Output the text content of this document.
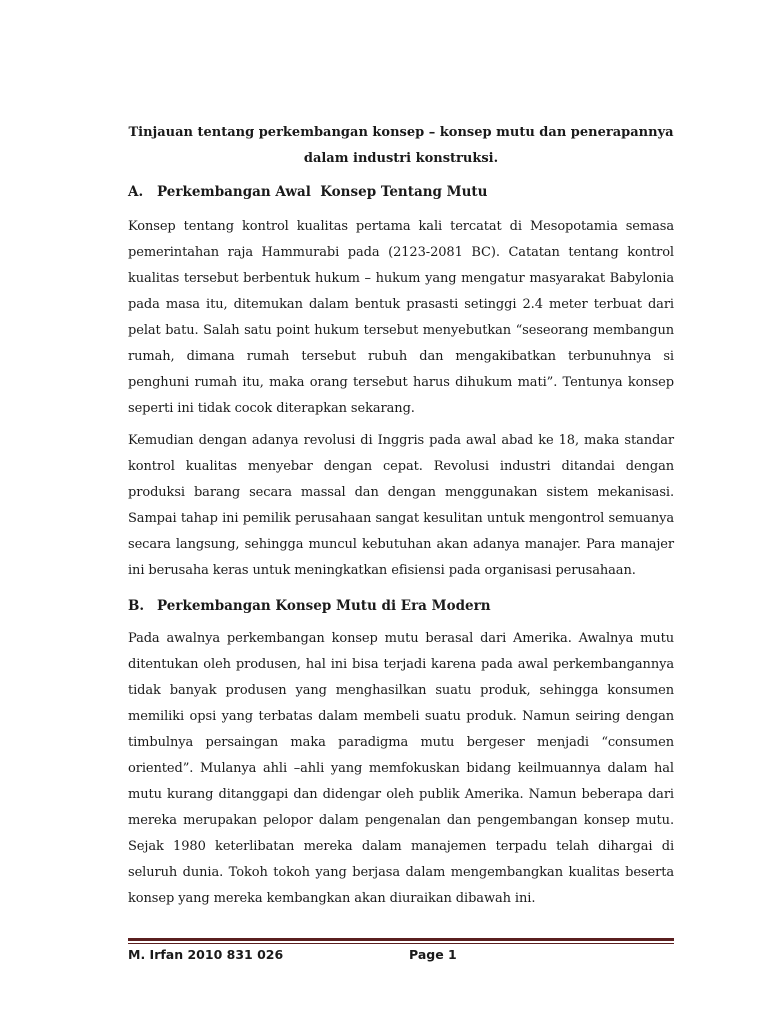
Tinjauan tentang perkembangan konsep – konsep mutu dan penerapannya dalam industri konstruksi.
A. Perkembangan Awal  Konsep Tentang Mutu

Konsep tentang kontrol kualitas pertama kali tercatat di Mesopotamia semasa pemerintahan raja Hammurabi pada (2123-2081 BC). Catatan tentang kontrol kualitas tersebut berbentuk hukum – hukum yang mengatur masyarakat Babylonia pada masa itu, ditemukan dalam bentuk prasasti setinggi 2.4 meter terbuat dari pelat batu. Salah satu point hukum tersebut menyebutkan “seseorang membangun rumah, dimana rumah tersebut rubuh dan mengakibatkan terbunuhnya si penghuni rumah itu, maka orang tersebut harus dihukum mati”. Tentunya konsep seperti ini tidak cocok diterapkan sekarang.

Kemudian dengan adanya revolusi di Inggris pada awal abad ke 18, maka standar kontrol kualitas menyebar dengan cepat. Revolusi industri ditandai dengan produksi barang secara massal dan dengan menggunakan sistem mekanisasi. Sampai tahap ini pemilik perusahaan sangat kesulitan untuk mengontrol semuanya secara langsung, sehingga muncul kebutuhan akan adanya manajer. Para manajer ini berusaha keras untuk meningkatkan efisiensi pada organisasi perusahaan.

B. Perkembangan Konsep Mutu di Era Modern

Pada awalnya perkembangan konsep mutu berasal dari Amerika. Awalnya mutu ditentukan oleh produsen, hal ini bisa terjadi karena pada awal perkembangannya tidak banyak produsen yang menghasilkan suatu produk, sehingga konsumen memiliki opsi yang terbatas dalam membeli suatu produk. Namun seiring dengan timbulnya persaingan maka paradigma mutu bergeser menjadi “consumen oriented”. Mulanya ahli –ahli yang memfokuskan bidang keilmuannya dalam hal mutu kurang ditanggapi dan didengar oleh publik Amerika. Namun beberapa dari mereka merupakan pelopor dalam pengenalan dan pengembangan konsep mutu. Sejak 1980 keterlibatan mereka dalam manajemen terpadu telah dihargai di seluruh dunia. Tokoh tokoh yang berjasa dalam mengembangkan kualitas beserta konsep yang mereka kembangkan akan diuraikan dibawah ini.

M. Irfan 2010 831 026	Page 1
